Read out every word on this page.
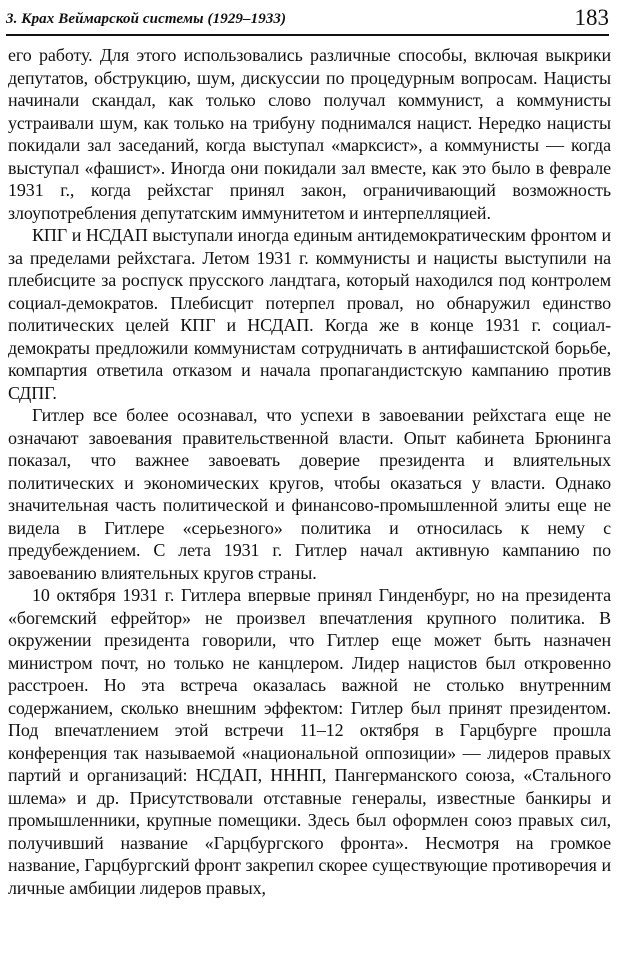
3. Крах Веймарской системы (1929–1933)	183

его работу. Для этого использовались различные способы, включая выкрики депутатов, обструкцию, шум, дискуссии по процедурным вопросам. Нацисты начинали скандал, как только слово получал коммунист, а коммунисты устраивали шум, как только на трибуну поднимался нацист. Нередко нацисты покидали зал заседаний, когда выступал «марксист», а коммунисты — когда выступал «фашист». Иногда они покидали зал вместе, как это было в феврале 1931 г., когда рейхстаг принял закон, ограничивающий возможность злоупотребления депутатским иммунитетом и интерпелляцией.

КПГ и НСДАП выступали иногда единым антидемократическим фронтом и за пределами рейхстага. Летом 1931 г. коммунисты и нацисты выступили на плебисците за роспуск прусского ландтага, который находился под контролем социал-демократов. Плебисцит потерпел провал, но обнаружил единство политических целей КПГ и НСДАП. Когда же в конце 1931 г. социал-демократы предложили коммунистам сотрудничать в антифашистской борьбе, компартия ответила отказом и начала пропагандистскую кампанию против СДПГ.

Гитлер все более осознавал, что успехи в завоевании рейхстага еще не означают завоевания правительственной власти. Опыт кабинета Брюнинга показал, что важнее завоевать доверие президента и влиятельных политических и экономических кругов, чтобы оказаться у власти. Однако значительная часть политической и финансово-промышленной элиты еще не видела в Гитлере «серьезного» политика и относилась к нему с предубеждением. С лета 1931 г. Гитлер начал активную кампанию по завоеванию влиятельных кругов страны.

10 октября 1931 г. Гитлера впервые принял Гинденбург, но на президента «богемский ефрейтор» не произвел впечатления крупного политика. В окружении президента говорили, что Гитлер еще может быть назначен министром почт, но только не канцлером. Лидер нацистов был откровенно расстроен. Но эта встреча оказалась важной не столько внутренним содержанием, сколько внешним эффектом: Гитлер был принят президентом. Под впечатлением этой встречи 11–12 октября в Гарцбурге прошла конференция так называемой «национальной оппозиции» — лидеров правых партий и организаций: НСДАП, НННП, Пангерманского союза, «Стального шлема» и др. Присутствовали отставные генералы, известные банкиры и промышленники, крупные помещики. Здесь был оформлен союз правых сил, получивший название «Гарцбургского фронта». Несмотря на громкое название, Гарцбургский фронт закрепил скорее существующие противоречия и личные амбиции лидеров правых,
